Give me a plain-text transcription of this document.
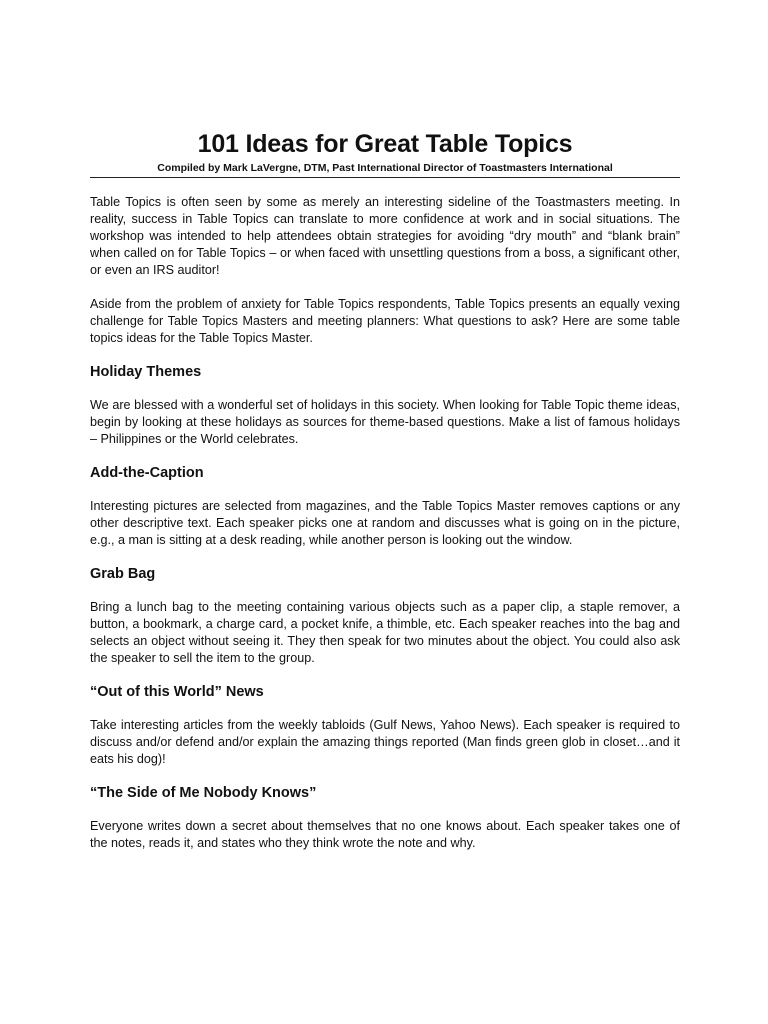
101 Ideas for Great Table Topics
Compiled by Mark LaVergne, DTM, Past International Director of Toastmasters International

Table Topics is often seen by some as merely an interesting sideline of the Toastmasters meeting. In reality, success in Table Topics can translate to more confidence at work and in social situations. The workshop was intended to help attendees obtain strategies for avoiding “dry mouth” and “blank brain” when called on for Table Topics – or when faced with unsettling questions from a boss, a significant other, or even an IRS auditor!

Aside from the problem of anxiety for Table Topics respondents, Table Topics presents an equally vexing challenge for Table Topics Masters and meeting planners: What questions to ask? Here are some table topics ideas for the Table Topics Master.

Holiday Themes

We are blessed with a wonderful set of holidays in this society. When looking for Table Topic theme ideas, begin by looking at these holidays as sources for theme-based questions. Make a list of famous holidays – Philippines or the World celebrates.

Add-the-Caption

Interesting pictures are selected from magazines, and the Table Topics Master removes captions or any other descriptive text. Each speaker picks one at random and discusses what is going on in the picture, e.g., a man is sitting at a desk reading, while another person is looking out the window.

Grab Bag

Bring a lunch bag to the meeting containing various objects such as a paper clip, a staple remover, a button, a bookmark, a charge card, a pocket knife, a thimble, etc. Each speaker reaches into the bag and selects an object without seeing it. They then speak for two minutes about the object. You could also ask the speaker to sell the item to the group.

“Out of this World” News

Take interesting articles from the weekly tabloids (Gulf News, Yahoo News). Each speaker is required to discuss and/or defend and/or explain the amazing things reported (Man finds green glob in closet…and it eats his dog)!

“The Side of Me Nobody Knows”

Everyone writes down a secret about themselves that no one knows about. Each speaker takes one of the notes, reads it, and states who they think wrote the note and why.
